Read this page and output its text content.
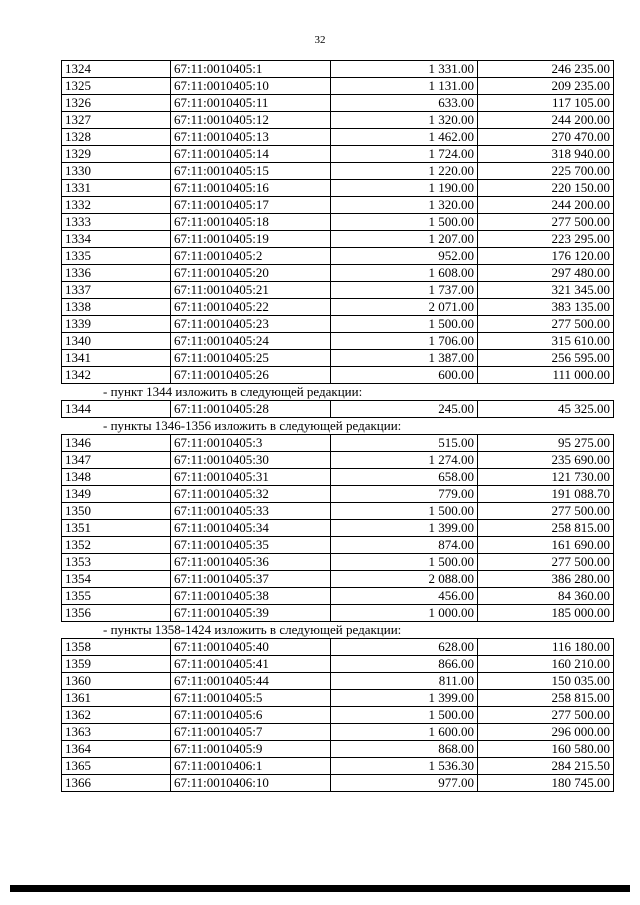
32
1324	67:11:0010405:1	1 331.00	246 235.00
1325	67:11:0010405:10	1 131.00	209 235.00
1326	67:11:0010405:11	633.00	117 105.00
1327	67:11:0010405:12	1 320.00	244 200.00
1328	67:11:0010405:13	1 462.00	270 470.00
1329	67:11:0010405:14	1 724.00	318 940.00
1330	67:11:0010405:15	1 220.00	225 700.00
1331	67:11:0010405:16	1 190.00	220 150.00
1332	67:11:0010405:17	1 320.00	244 200.00
1333	67:11:0010405:18	1 500.00	277 500.00
1334	67:11:0010405:19	1 207.00	223 295.00
1335	67:11:0010405:2	952.00	176 120.00
1336	67:11:0010405:20	1 608.00	297 480.00
1337	67:11:0010405:21	1 737.00	321 345.00
1338	67:11:0010405:22	2 071.00	383 135.00
1339	67:11:0010405:23	1 500.00	277 500.00
1340	67:11:0010405:24	1 706.00	315 610.00
1341	67:11:0010405:25	1 387.00	256 595.00
1342	67:11:0010405:26	600.00	111 000.00
- пункт 1344 изложить в следующей редакции:
1344	67:11:0010405:28	245.00	45 325.00
- пункты 1346-1356 изложить в следующей редакции:
1346	67:11:0010405:3	515.00	95 275.00
1347	67:11:0010405:30	1 274.00	235 690.00
1348	67:11:0010405:31	658.00	121 730.00
1349	67:11:0010405:32	779.00	191 088.70
1350	67:11:0010405:33	1 500.00	277 500.00
1351	67:11:0010405:34	1 399.00	258 815.00
1352	67:11:0010405:35	874.00	161 690.00
1353	67:11:0010405:36	1 500.00	277 500.00
1354	67:11:0010405:37	2 088.00	386 280.00
1355	67:11:0010405:38	456.00	84 360.00
1356	67:11:0010405:39	1 000.00	185 000.00
- пункты 1358-1424 изложить в следующей редакции:
1358	67:11:0010405:40	628.00	116 180.00
1359	67:11:0010405:41	866.00	160 210.00
1360	67:11:0010405:44	811.00	150 035.00
1361	67:11:0010405:5	1 399.00	258 815.00
1362	67:11:0010405:6	1 500.00	277 500.00
1363	67:11:0010405:7	1 600.00	296 000.00
1364	67:11:0010405:9	868.00	160 580.00
1365	67:11:0010406:1	1 536.30	284 215.50
1366	67:11:0010406:10	977.00	180 745.00
